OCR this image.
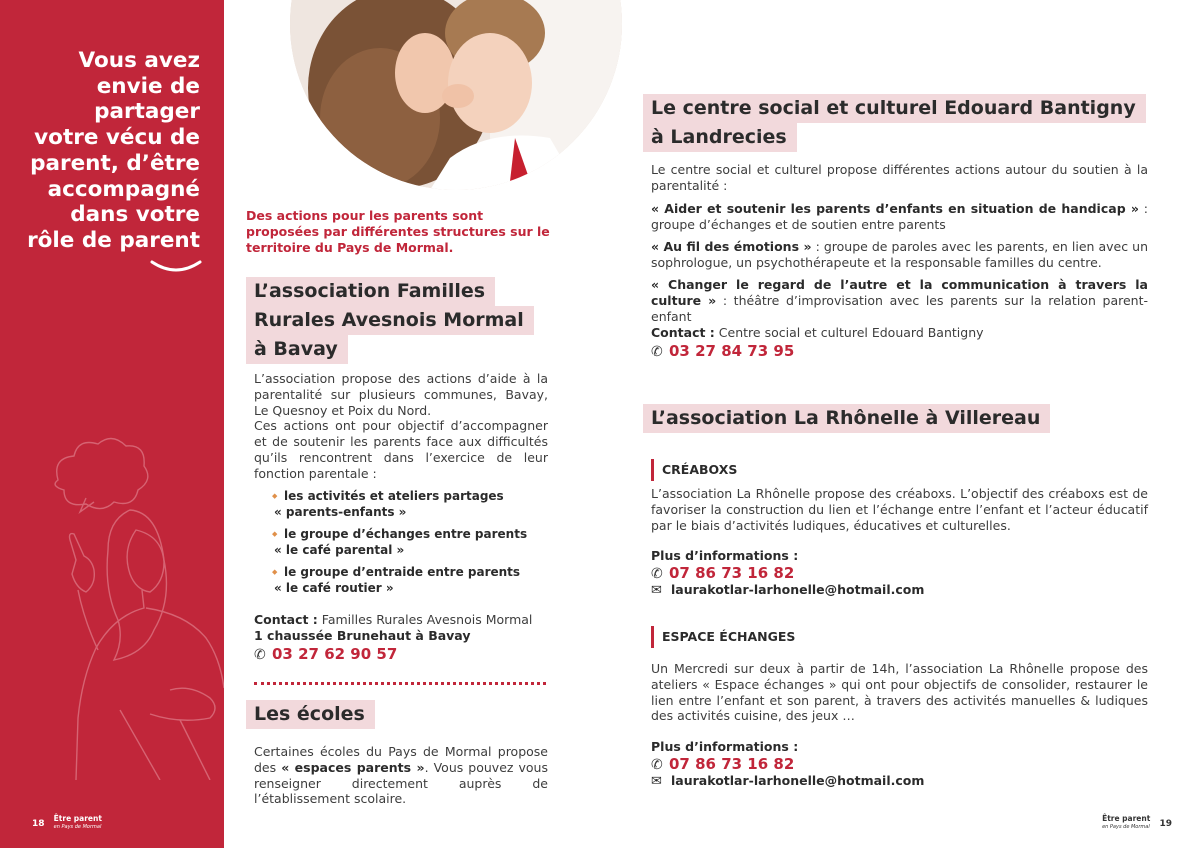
Vous avez
envie de
partager
votre vécu de
parent, d’être
accompagné
dans votre
rôle de parent
18 Être parent
en Pays de Mormal
Des actions pour les parents sont proposées par différentes structures sur le territoire du Pays de Mormal.
L’association Familles
Rurales Avesnois Mormal
à Bavay
L’association propose des actions d’aide à la parentalité sur plusieurs communes, Bavay, Le Quesnoy et Poix du Nord.
Ces actions ont pour objectif d’accompagner et de soutenir les parents face aux difficultés qu’ils rencontrent dans l’exercice de leur fonction parentale :
◆ les activités et ateliers partages
« parents-enfants »
◆ le groupe d’échanges entre parents
« le café parental »
◆ le groupe d’entraide entre parents
« le café routier »
Contact : Familles Rurales Avesnois Mormal
1 chaussée Brunehaut à Bavay
✆ 03 27 62 90 57
Les écoles
Certaines écoles du Pays de Mormal propose des « espaces parents ». Vous pouvez vous renseigner directement auprès de l’établissement scolaire.
Le centre social et culturel Edouard Bantigny
à Landrecies
Le centre social et culturel propose différentes actions autour du soutien à la parentalité :
« Aider et soutenir les parents d’enfants en situation de handicap » : groupe d’échanges et de soutien entre parents
« Au fil des émotions » : groupe de paroles avec les parents, en lien avec un sophrologue, un psychothérapeute et la responsable familles du centre.
« Changer le regard de l’autre et la communication à travers la culture » : théâtre d’improvisation avec les parents sur la relation parent-enfant
Contact : Centre social et culturel Edouard Bantigny
✆ 03 27 84 73 95
L’association La Rhônelle à Villereau
CRÉABOXS
L’association La Rhônelle propose des créaboxs. L’objectif des créaboxs est de favoriser la construction du lien et l’échange entre l’enfant et l’acteur éducatif par le biais d’activités ludiques, éducatives et culturelles.
Plus d’informations :
✆ 07 86 73 16 82
✉ laurakotlar-larhonelle@hotmail.com
ESPACE ÉCHANGES
Un Mercredi sur deux à partir de 14h, l’association La Rhônelle propose des ateliers « Espace échanges » qui ont pour objectifs de consolider, restaurer le lien entre l’enfant et son parent, à travers des activités manuelles & ludiques des activités cuisine, des jeux …
Plus d’informations :
✆ 07 86 73 16 82
✉ laurakotlar-larhonelle@hotmail.com
Être parent
en Pays de Mormal 19
